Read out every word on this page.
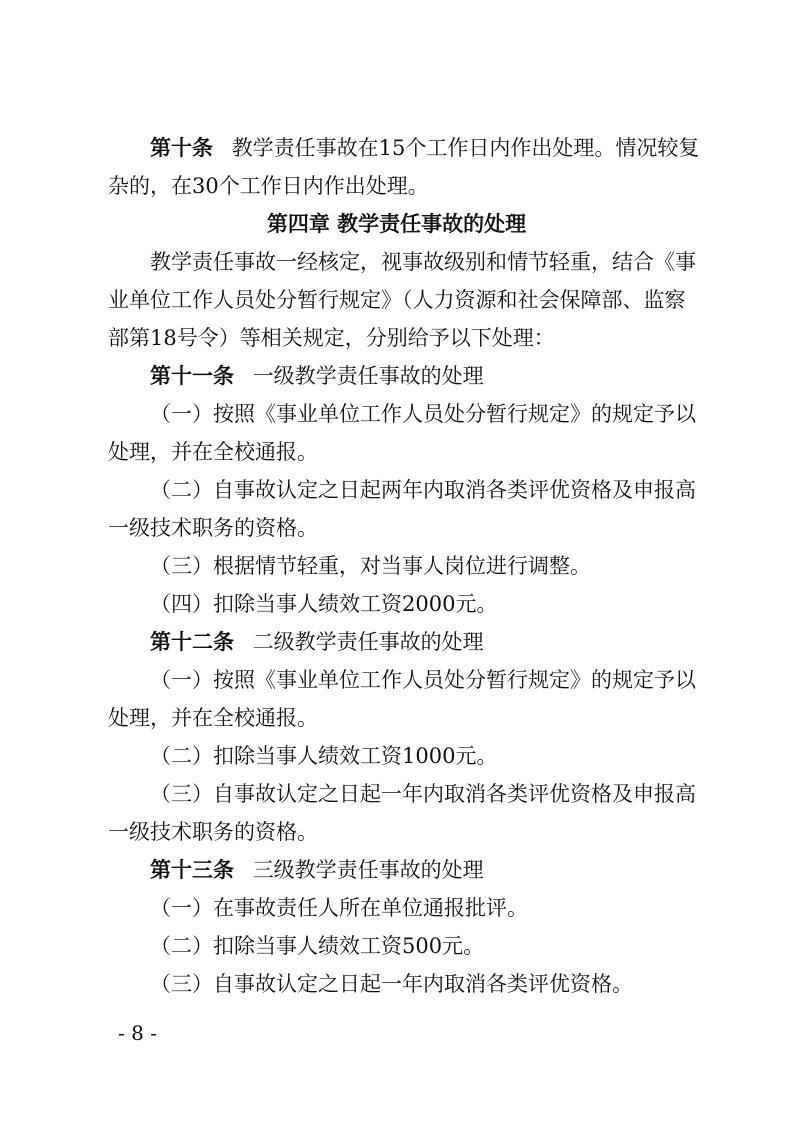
第十条 教学责任事故在15个工作日内作出处理。情况较复
杂的，在30个工作日内作出处理。
第四章 教学责任事故的处理
教学责任事故一经核定，视事故级别和情节轻重，结合《事
业单位工作人员处分暂行规定》（人力资源和社会保障部、监察
部第18号令）等相关规定，分别给予以下处理：
第十一条 一级教学责任事故的处理
（一）按照《事业单位工作人员处分暂行规定》的规定予以
处理，并在全校通报。
（二）自事故认定之日起两年内取消各类评优资格及申报高
一级技术职务的资格。
（三）根据情节轻重，对当事人岗位进行调整。
（四）扣除当事人绩效工资2000元。
第十二条 二级教学责任事故的处理
（一）按照《事业单位工作人员处分暂行规定》的规定予以
处理，并在全校通报。
（二）扣除当事人绩效工资1000元。
（三）自事故认定之日起一年内取消各类评优资格及申报高
一级技术职务的资格。
第十三条 三级教学责任事故的处理
（一）在事故责任人所在单位通报批评。
（二）扣除当事人绩效工资500元。
（三）自事故认定之日起一年内取消各类评优资格。
- 8 -
